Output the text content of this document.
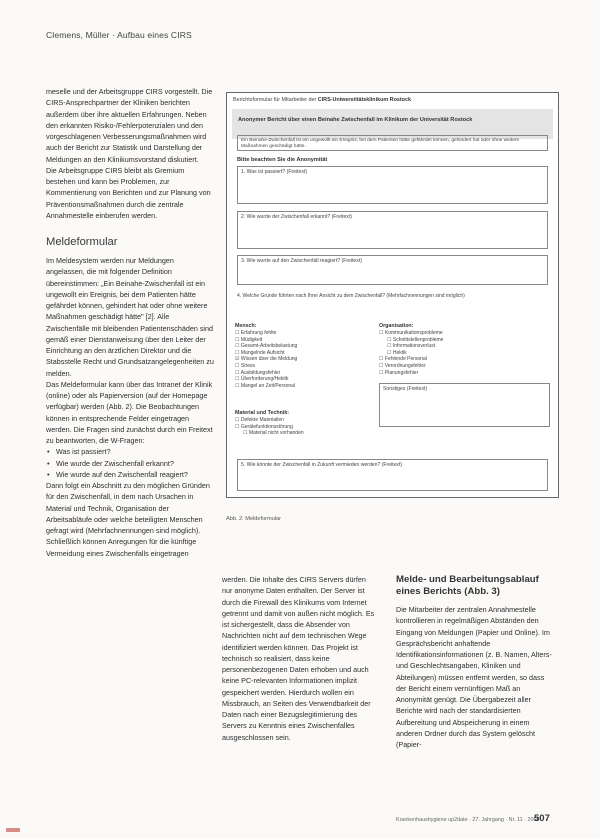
Clemens, Müller · Aufbau eines CIRS

meselle und der Arbeitsgruppe CIRS vorgestellt. Die CIRS-Ansprechpartner der Kliniken berichten außerdem über ihre aktuellen Erfahrungen. Neben den erkannten Risiko-/Fehlerpotenzialen und den vorgeschlagenen Verbesserungsmaßnahmen wird auch der Bericht zur Statistik und Darstellung der Meldungen an den Klinikumsvorstand diskutiert.

Die Arbeitsgruppe CIRS bleibt als Gremium bestehen und kann bei Problemen, zur Kommentierung von Berichten und zur Planung von Präventionsmaßnahmen durch die zentrale Annahmestelle einberufen werden.

Meldeformular

Im Meldesystem werden nur Meldungen angelassen, die mit folgender Definition übereinstimmen: „Ein Beinahe-Zwischenfall ist ein ungewollt ein Ereignis, bei dem Patienten hätte gefährdet können, gehindert hat oder ohne weitere Maßnahmen geschädigt hätte" [2]. Alle Zwischenfälle mit bleibenden Patientenschäden sind gemäß einer Dienstanweisung über den Leiter der Einrichtung an den ärztlichen Direktor und die Stabsstelle Recht und Grundsatzangelegenheiten zu melden.

Das Meldeformular kann über das Intranet der Klinik (online) oder als Papierversion (auf der Homepage verfügbar) werden (Abb. 2). Die Beobachtungen können in entsprechende Felder eingetragen werden. Die Fragen sind zunächst durch ein Freitext zu beantworten, die W-Fragen:

• Was ist passiert?
• Wie wurde der Zwischenfall erkannt?
• Wie wurde auf den Zwischenfall reagiert?

Dann folgt ein Abschnitt zu den möglichen Gründen für den Zwischenfall, in dem nach Ursachen in Material und Technik, Organisation der Arbeitsabläufe oder welche beteiligten Menschen gefragt wird (Mehrfachnennungen sind möglich). Schließlich können Anregungen für die künftige Vermeidung eines Zwischenfalls eingetragen

Berichtsformular für Mitarbeiter der CIRS-Uniwerstitätsklinikum Rostock
Anonymer Bericht über einen Beinahe Zwischenfall im Klinikum der Universität Rostock
Ein Beinahe-Zwischenfall ist ein ungewollt ein Ereignis, bei dem Patienten hätte gefährdet können, gehindert hat oder ohne weitere Maßnahmen geschädigt hätte.
Bitte beachten Sie die Anonymität
1. Was ist passiert? (Freitext)
2. Wie wurde der Zwischenfall erkannt? (Freitext)
3. Wie wurde auf den Zwischenfall reagiert? (Freitext)
4. Welche Gründe führten nach Ihrer Ansicht zu dem Zwischenfall? (Mehrfachnennungen sind möglich)
Mensch:
☐ Erfahrung fehlte
☐ Müdigkeit
☐ Gesamt-Arbeitsbelastung
☐ Mangelnde Aufsicht
☑ Wissen über die Meldung
☐ Stress
☐ Ausbildungsfehler
☐ Überforderung/Hektik
☐ Mangel an Zeit/Personal
Organisation:
☐ Kommunikationsprobleme
☐ Schnittstellenprobleme
☐ Informationsverlust
☐ Hektik
☐ Fehlende Personal
☐ Verordnungsfehler
☐ Planungsfehler
Sonstiges (Freitext)
Material und Technik:
☐ Defekte Materialien
☐ Gerätefunktionsstörung
☐ Material nicht vorhanden
5. Wie könnte der Zwischenfall in Zukunft vermieden werden? (Freitext)
Abb. 2: Meldeformular

werden. Die Inhalte des CIRS Servers dürfen nur anonyme Daten enthalten. Der Server ist durch die Firewall des Klinikums vom Internet getrennt und damit von außen nicht möglich. Es ist sichergestellt, dass die Absender von Nachrichten nicht auf dem technischen Wege identifiziert werden können. Das Projekt ist technisch so realisiert, dass keine personenbezogenen Daten erhoben und auch keine PC-relevanten Informationen implizit gespeichert werden. Hierdurch wollen ein Missbrauch, an Seiten des Verwendbarkeit der Daten nach einer Bezugslegitimierung des Servers zu Kenntnis eines Zwischenfalles ausgeschlossen sein.

Melde- und Bearbeitungsablauf eines Berichts (Abb. 3)

Die Mitarbeiter der zentralen Annahmestelle kontrollieren in regelmäßigen Abständen den Eingang von Meldungen (Papier und Online). Im Gesprächsbericht anhaftende Identifikationsinformationen (z. B. Namen, Alters- und Geschlechtsangaben, Kliniken und Abteilungen) müssen entfernt werden, so dass der Bericht einem vernünftigen Maß an Anonymität genügt. Die Übergabezeit aller Berichte wird nach der standardisierten Aufbereitung und Abspeicherung in einem anderen Ordner durch das System gelöscht (Papier-

Krankenhaushygiene up2date · 27. Jahrgang · Nr. 11 · 2006
507
